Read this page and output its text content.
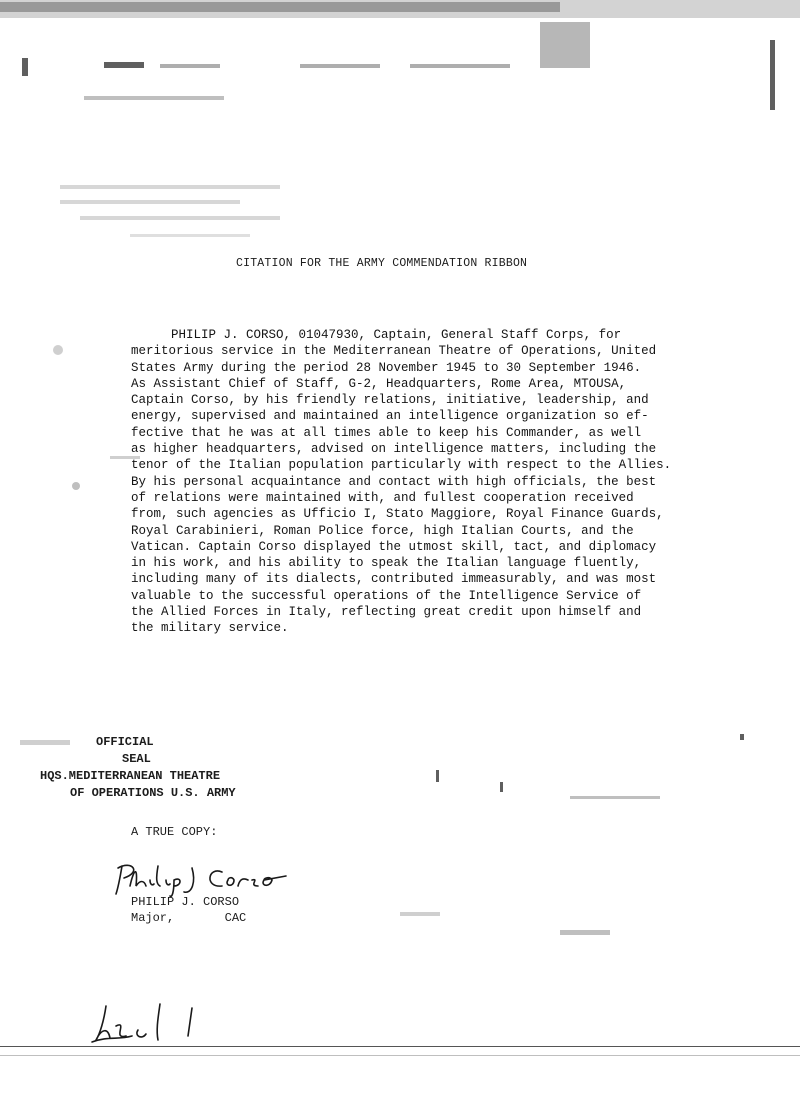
CITATION FOR THE ARMY COMMENDATION RIBBON
PHILIP J. CORSO, 01047930, Captain, General Staff Corps, for
meritorious service in the Mediterranean Theatre of Operations, United
States Army during the period 28 November 1945 to 30 September 1946.
As Assistant Chief of Staff, G-2, Headquarters, Rome Area, MTOUSA,
Captain Corso, by his friendly relations, initiative, leadership, and
energy, supervised and maintained an intelligence organization so ef-
fective that he was at all times able to keep his Commander, as well
as higher headquarters, advised on intelligence matters, including the
tenor of the Italian population particularly with respect to the Allies.
By his personal acquaintance and contact with high officials, the best
of relations were maintained with, and fullest cooperation received
from, such agencies as Ufficio I, Stato Maggiore, Royal Finance Guards,
Royal Carabinieri, Roman Police force, high Italian Courts, and the
Vatican. Captain Corso displayed the utmost skill, tact, and diplomacy
in his work, and his ability to speak the Italian language fluently,
including many of its dialects, contributed immeasurably, and was most
valuable to the successful operations of the Intelligence Service of
the Allied Forces in Italy, reflecting great credit upon himself and
the military service.
OFFICIAL
SEAL
HQS.MEDITERRANEAN THEATRE
OF OPERATIONS U.S. ARMY
A TRUE COPY:
PHILIP J. CORSO
Major,       CAC
